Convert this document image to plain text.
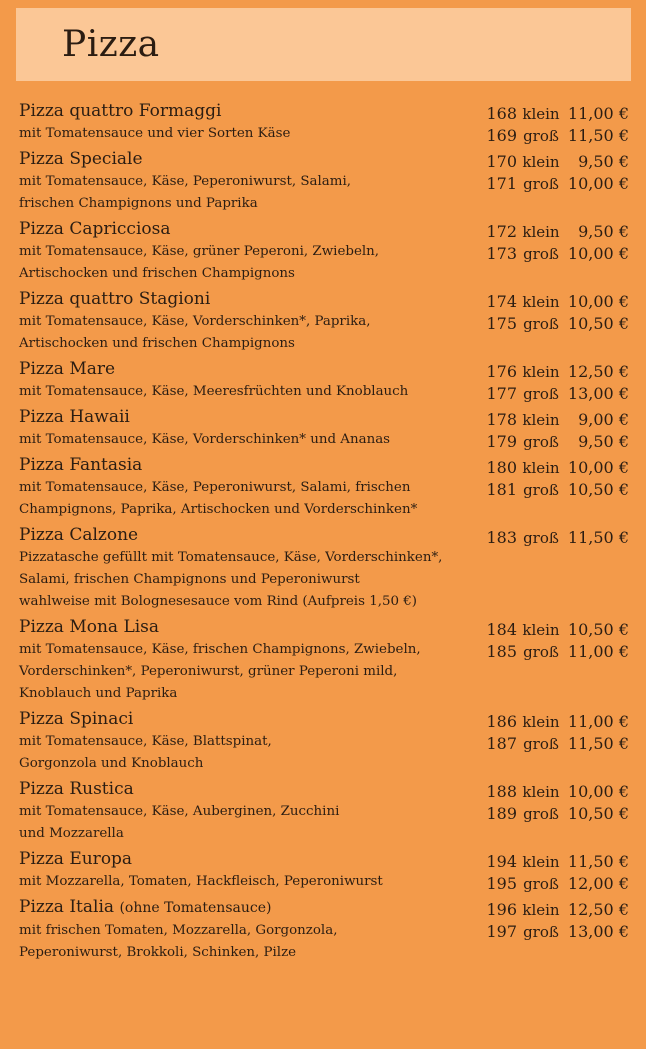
Pizza
Pizza quattro Formaggi
mit Tomatensauce und vier Sorten Käse
168 klein 11,00 €
169 groß 11,50 €
Pizza Speciale
mit Tomatensauce, Käse, Peperoniwurst, Salami,
frischen Champignons und Paprika
170 klein	9,50 €
171 groß 10,00 €
Pizza Capricciosa
mit Tomatensauce, Käse, grüner Peperoni, Zwiebeln,
Artischocken und frischen Champignons
172 klein	9,50 €
173 groß 10,00 €
Pizza quattro Stagioni
mit Tomatensauce, Käse, Vorderschinken*, Paprika,
Artischocken und frischen Champignons
174 klein 10,00 €
175 groß 10,50 €
Pizza Mare
mit Tomatensauce, Käse, Meeresfrüchten und Knoblauch
176 klein 12,50 €
177 groß 13,00 €
Pizza Hawaii
mit Tomatensauce, Käse, Vorderschinken* und Ananas
178 klein	9,00 €
179 groß	9,50 €
Pizza Fantasia
mit Tomatensauce, Käse, Peperoniwurst, Salami, frischen
Champignons, Paprika, Artischocken und Vorderschinken*
180 klein 10,00 €
181 groß 10,50 €
Pizza Calzone
Pizzatasche gefüllt mit Tomatensauce, Käse, Vorderschinken*,
Salami, frischen Champignons und Peperoniwurst
wahlweise mit Bolognesesauce vom Rind (Aufpreis 1,50 €)
183 groß 11,50 €
Pizza Mona Lisa
mit Tomatensauce, Käse, frischen Champignons, Zwiebeln,
Vorderschinken*, Peperoniwurst, grüner Peperoni mild,
Knoblauch und Paprika
184 klein 10,50 €
185 groß 11,00 €
Pizza Spinaci
mit Tomatensauce, Käse, Blattspinat,
Gorgonzola und Knoblauch
186 klein 11,00 €
187 groß 11,50 €
Pizza Rustica
mit Tomatensauce, Käse, Auberginen, Zucchini
und Mozzarella
188 klein 10,00 €
189 groß 10,50 €
Pizza Europa
mit Mozzarella, Tomaten, Hackfleisch, Peperoniwurst
194 klein 11,50 €
195 groß 12,00 €
Pizza Italia (ohne Tomatensauce)
mit frischen Tomaten, Mozzarella, Gorgonzola,
Peperoniwurst, Brokkoli, Schinken, Pilze
196 klein 12,50 €
197 groß 13,00 €
